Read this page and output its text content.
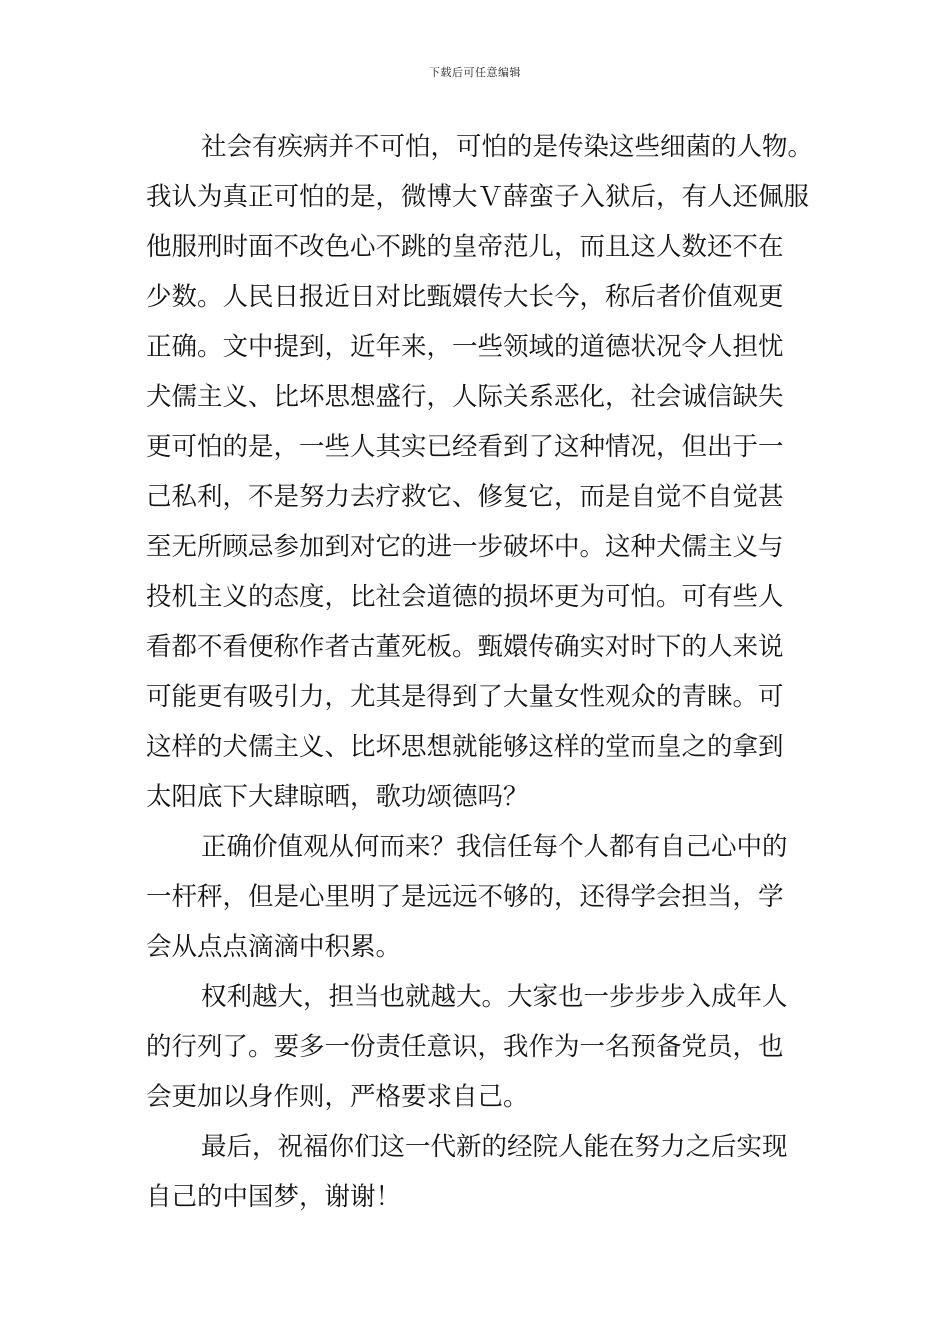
下载后可任意编辑
社会有疾病并不可怕，可怕的是传染这些细菌的人物。
我认为真正可怕的是，微博大Ｖ薛蛮子入狱后，有人还佩服
他服刑时面不改色心不跳的皇帝范儿，而且这人数还不在
少数。人民日报近日对比甄嬛传大长今，称后者价值观更
正确。文中提到，近年来，一些领域的道德状况令人担忧
犬儒主义、比坏思想盛行，人际关系恶化，社会诚信缺失
更可怕的是，一些人其实已经看到了这种情况，但出于一
己私利，不是努力去疗救它、修复它，而是自觉不自觉甚
至无所顾忌参加到对它的进一步破坏中。这种犬儒主义与
投机主义的态度，比社会道德的损坏更为可怕。可有些人
看都不看便称作者古董死板。甄嬛传确实对时下的人来说
可能更有吸引力，尤其是得到了大量女性观众的青睐。可
这样的犬儒主义、比坏思想就能够这样的堂而皇之的拿到
太阳底下大肆晾晒，歌功颂德吗？
正确价值观从何而来？我信任每个人都有自己心中的
一杆秤，但是心里明了是远远不够的，还得学会担当，学
会从点点滴滴中积累。
权利越大，担当也就越大。大家也一步步步入成年人
的行列了。要多一份责任意识，我作为一名预备党员，也
会更加以身作则，严格要求自己。
最后，祝福你们这一代新的经院人能在努力之后实现
自己的中国梦，谢谢！
